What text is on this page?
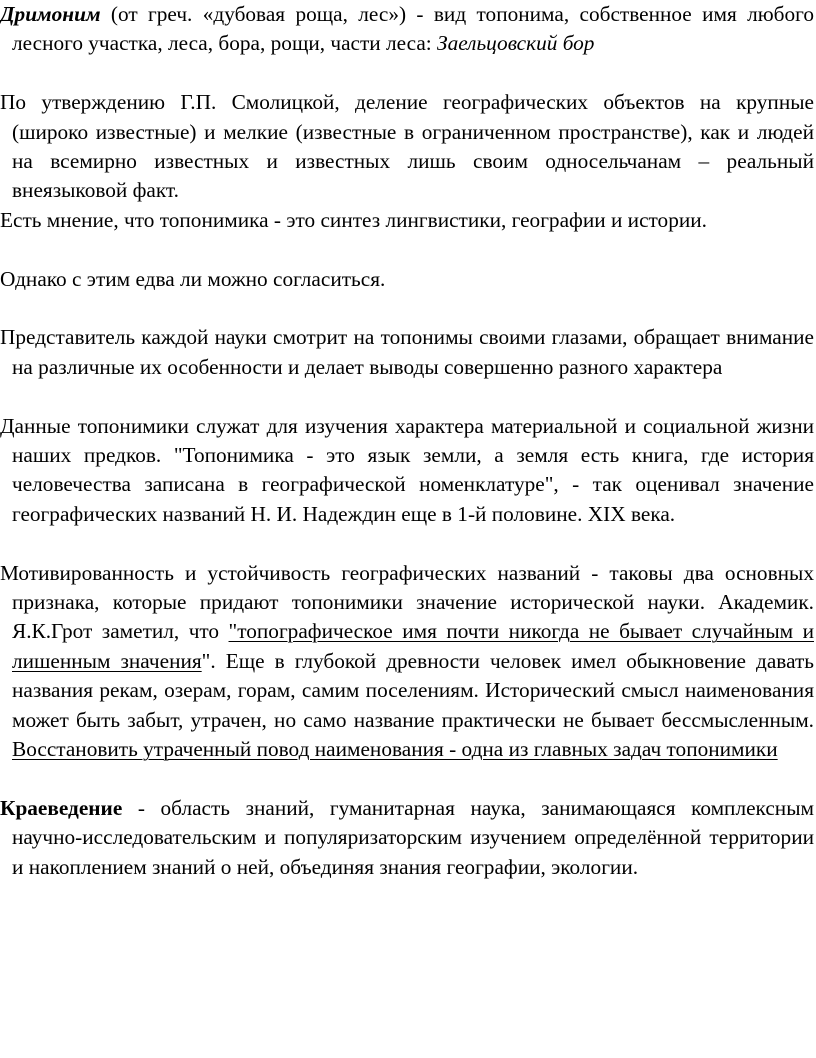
Дримоним (от греч. «дубовая роща, лес») - вид топонима, собственное имя любого лесного участка, леса, бора, рощи, части леса: Заельцовский бор

По утверждению Г.П. Смолицкой, деление географических объектов на крупные (широко известные) и мелкие (известные в ограниченном пространстве), как и людей на всемирно известных и известных лишь своим односельчанам – реальный внеязыковой факт.

Есть мнение, что топонимика - это синтез лингвистики, географии и истории.

Однако с этим едва ли можно согласиться.

Представитель каждой науки смотрит на топонимы своими глазами, обращает внимание на различные их особенности и делает выводы совершенно разного характера

Данные топонимики служат для изучения характера материальной и социальной жизни наших предков. "Топонимика - это язык земли, а земля есть книга, где история человечества записана в географической номенклатуре", - так оценивал значение географических названий Н. И. Надеждин еще в 1-й половине. XIX века.

Мотивированность и устойчивость географических названий - таковы два основных признака, которые придают топонимики значение исторической науки. Академик. Я.К.Грот заметил, что "топографическое имя почти никогда не бывает случайным и лишенным значения". Еще в глубокой древности человек имел обыкновение давать названия рекам, озерам, горам, самим поселениям. Исторический смысл наименования может быть забыт, утрачен, но само название практически не бывает бессмысленным. Восстановить утраченный повод наименования - одна из главных задач топонимики

Краеведение - область знаний, гуманитарная наука, занимающаяся комплексным научно-исследовательским и популяризаторским изучением определённой территории и накоплением знаний о ней, объединяя знания географии, экологии.
